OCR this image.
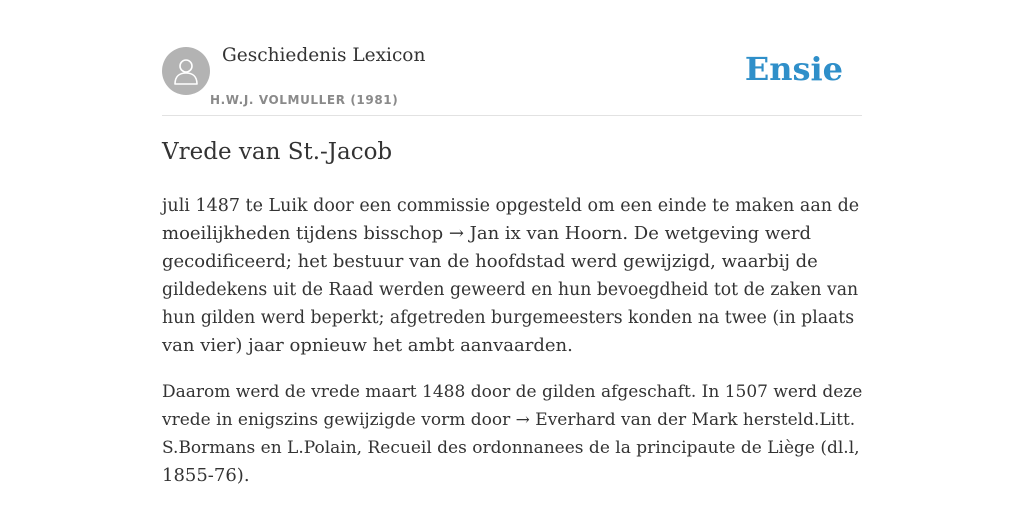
Geschiedenis Lexicon
H.W.J. VOLMULLER (1981)
Ensie
Vrede van St.-Jacob

juli 1487 te Luik door een commissie opgesteld om een einde te maken aan de
moeilijkheden tijdens bisschop → Jan ix van Hoorn. De wetgeving werd
gecodificeerd; het bestuur van de hoofdstad werd gewijzigd, waarbij de
gildedekens uit de Raad werden geweerd en hun bevoegdheid tot de zaken van
hun gilden werd beperkt; afgetreden burgemeesters konden na twee (in plaats
van vier) jaar opnieuw het ambt aanvaarden.

Daarom werd de vrede maart 1488 door de gilden afgeschaft. In 1507 werd deze
vrede in enigszins gewijzigde vorm door → Everhard van der Mark hersteld.Litt.
S.Bormans en L.Polain, Recueil des ordonnanees de la principaute de Liège (dl.l,
1855-76).
